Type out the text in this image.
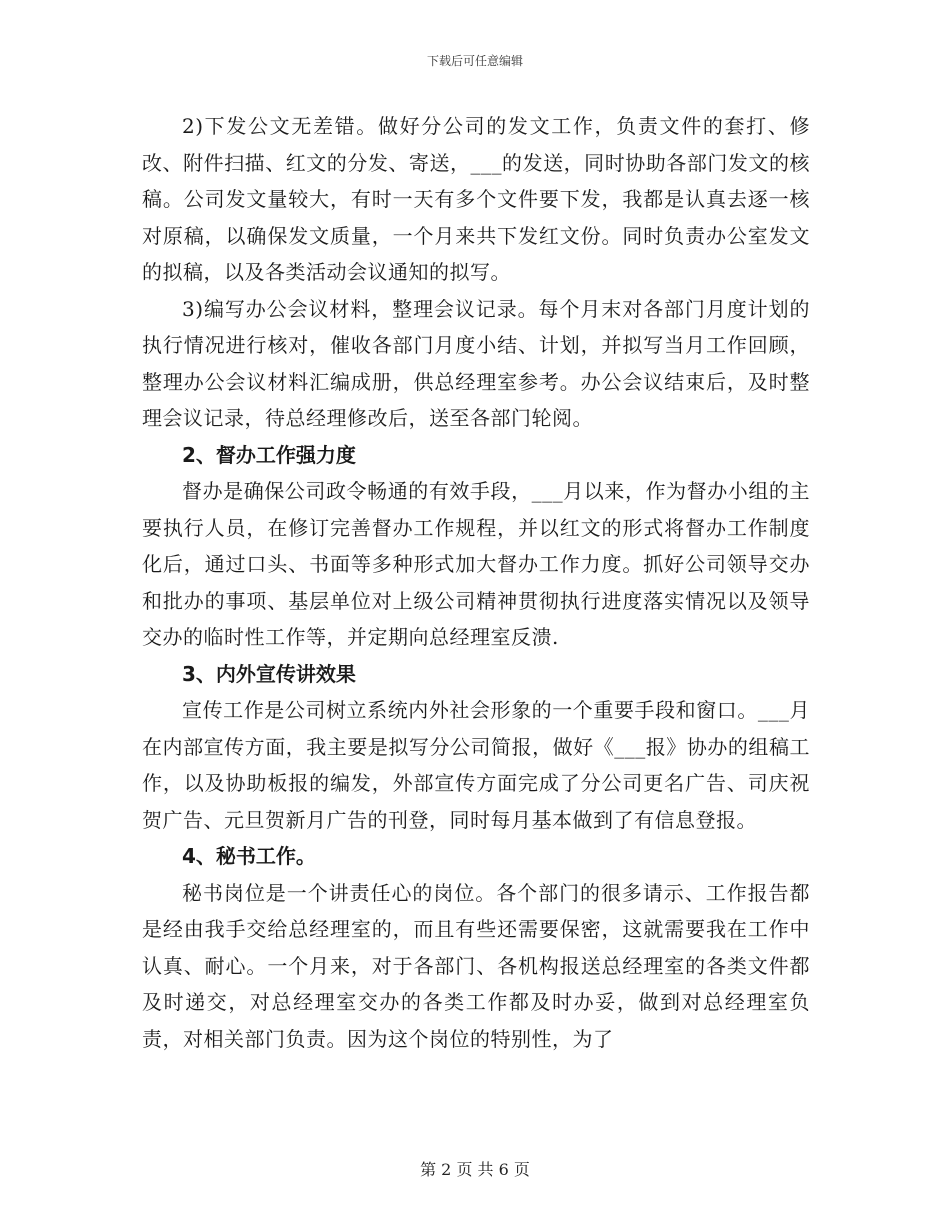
下载后可任意编辑

2)下发公文无差错。做好分公司的发文工作，负责文件的套打、修改、附件扫描、红文的分发、寄送，___的发送，同时协助各部门发文的核稿。公司发文量较大，有时一天有多个文件要下发，我都是认真去逐一核对原稿，以确保发文质量，一个月来共下发红文份。同时负责办公室发文的拟稿，以及各类活动会议通知的拟写。

3)编写办公会议材料，整理会议记录。每个月末对各部门月度计划的执行情况进行核对，催收各部门月度小结、计划，并拟写当月工作回顾，整理办公会议材料汇编成册，供总经理室参考。办公会议结束后，及时整理会议记录，待总经理修改后，送至各部门轮阅。

2、督办工作强力度

督办是确保公司政令畅通的有效手段，___月以来，作为督办小组的主要执行人员，在修订完善督办工作规程，并以红文的形式将督办工作制度化后，通过口头、书面等多种形式加大督办工作力度。抓好公司领导交办和批办的事项、基层单位对上级公司精神贯彻执行进度落实情况以及领导交办的临时性工作等，并定期向总经理室反溃.

3、内外宣传讲效果

宣传工作是公司树立系统内外社会形象的一个重要手段和窗口。___月在内部宣传方面，我主要是拟写分公司简报，做好《___报》协办的组稿工作，以及协助板报的编发，外部宣传方面完成了分公司更名广告、司庆祝贺广告、元旦贺新月广告的刊登，同时每月基本做到了有信息登报。

4、秘书工作。

秘书岗位是一个讲责任心的岗位。各个部门的很多请示、工作报告都是经由我手交给总经理室的，而且有些还需要保密，这就需要我在工作中认真、耐心。一个月来，对于各部门、各机构报送总经理室的各类文件都及时递交，对总经理室交办的各类工作都及时办妥，做到对总经理室负责，对相关部门负责。因为这个岗位的特别性，为了

第 2 页 共 6 页
